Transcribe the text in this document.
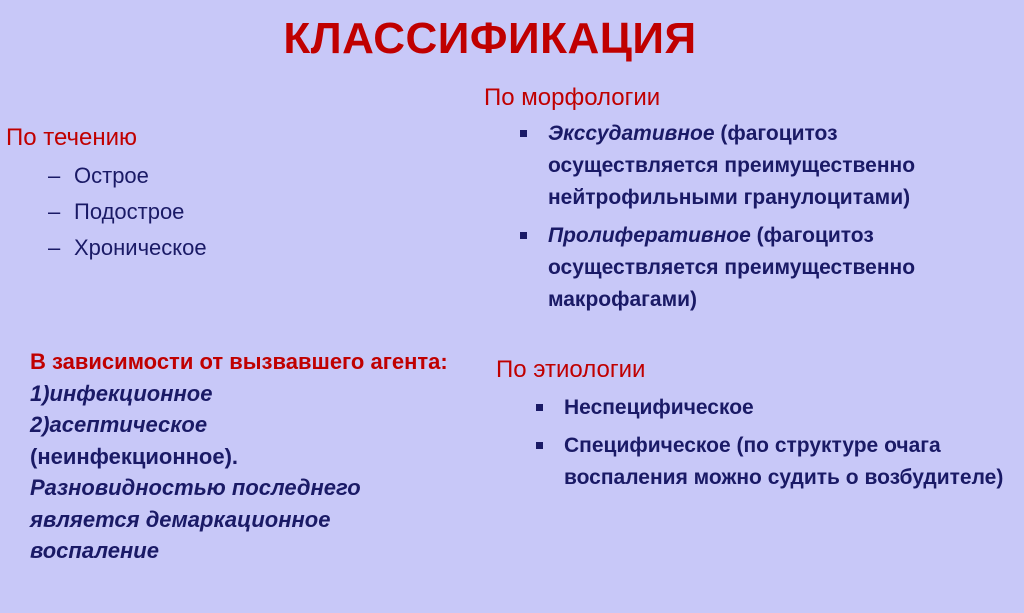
КЛАССИФИКАЦИЯ
По течению
– Острое
– Подострое
– Хроническое
По морфологии
Экссудативное (фагоцитоз осуществляется преимущественно нейтрофильными гранулоцитами)
Пролиферативное (фагоцитоз осуществляется преимущественно макрофагами)
В зависимости от вызвавшего агента:
1)инфекционное
2)асептическое
(неинфекционное).
Разновидностью последнего
является демаркационное
воспаление
По этиологии
Неспецифическое
Специфическое (по структуре очага воспаления можно судить о возбудителе)
